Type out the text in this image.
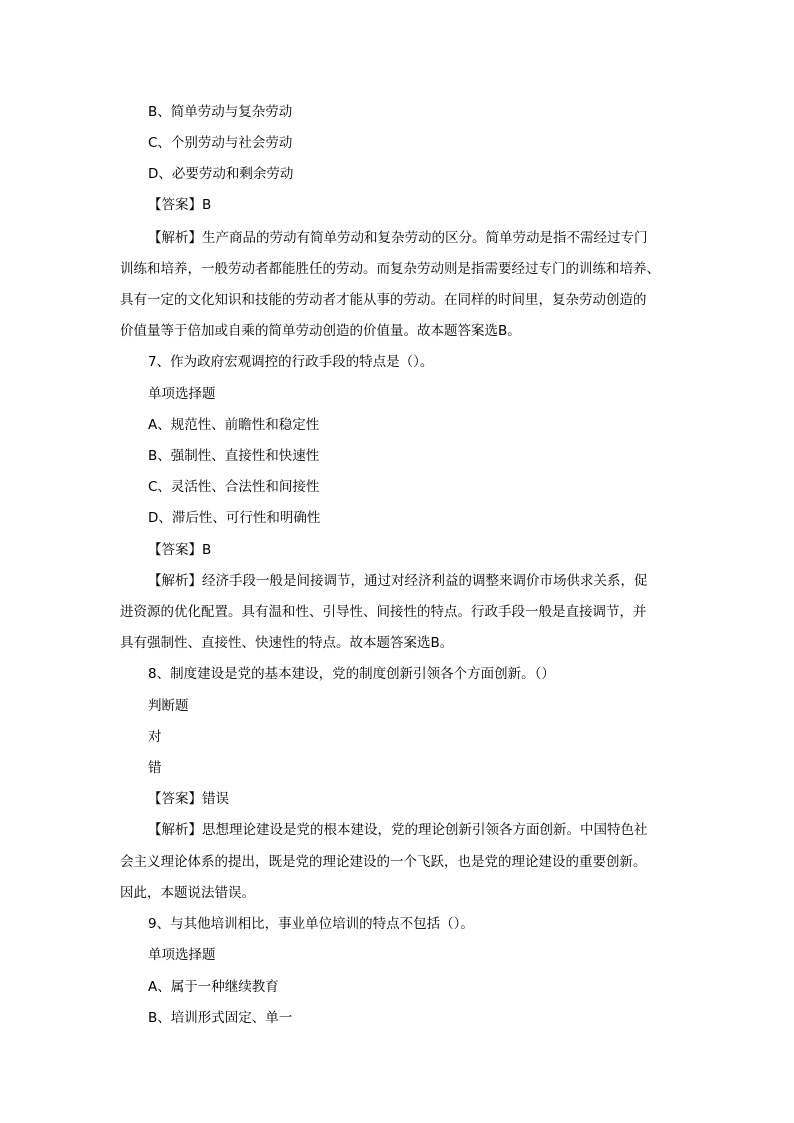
B、简单劳动与复杂劳动
C、个别劳动与社会劳动
D、必要劳动和剩余劳动
【答案】B
【解析】生产商品的劳动有简单劳动和复杂劳动的区分。简单劳动是指不需经过专门
训练和培养，一般劳动者都能胜任的劳动。而复杂劳动则是指需要经过专门的训练和培养、
具有一定的文化知识和技能的劳动者才能从事的劳动。在同样的时间里，复杂劳动创造的
价值量等于倍加或自乘的简单劳动创造的价值量。故本题答案选B。
7、作为政府宏观调控的行政手段的特点是（）。
单项选择题
A、规范性、前瞻性和稳定性
B、强制性、直接性和快速性
C、灵活性、合法性和间接性
D、滞后性、可行性和明确性
【答案】B
【解析】经济手段一般是间接调节，通过对经济利益的调整来调价市场供求关系，促
进资源的优化配置。具有温和性、引导性、间接性的特点。行政手段一般是直接调节，并
具有强制性、直接性、快速性的特点。故本题答案选B。
8、制度建设是党的基本建设，党的制度创新引领各个方面创新。（）
判断题
对
错
【答案】错误
【解析】思想理论建设是党的根本建设，党的理论创新引领各方面创新。中国特色社
会主义理论体系的提出，既是党的理论建设的一个飞跃，也是党的理论建设的重要创新。
因此，本题说法错误。
9、与其他培训相比，事业单位培训的特点不包括（）。
单项选择题
A、属于一种继续教育
B、培训形式固定、单一
